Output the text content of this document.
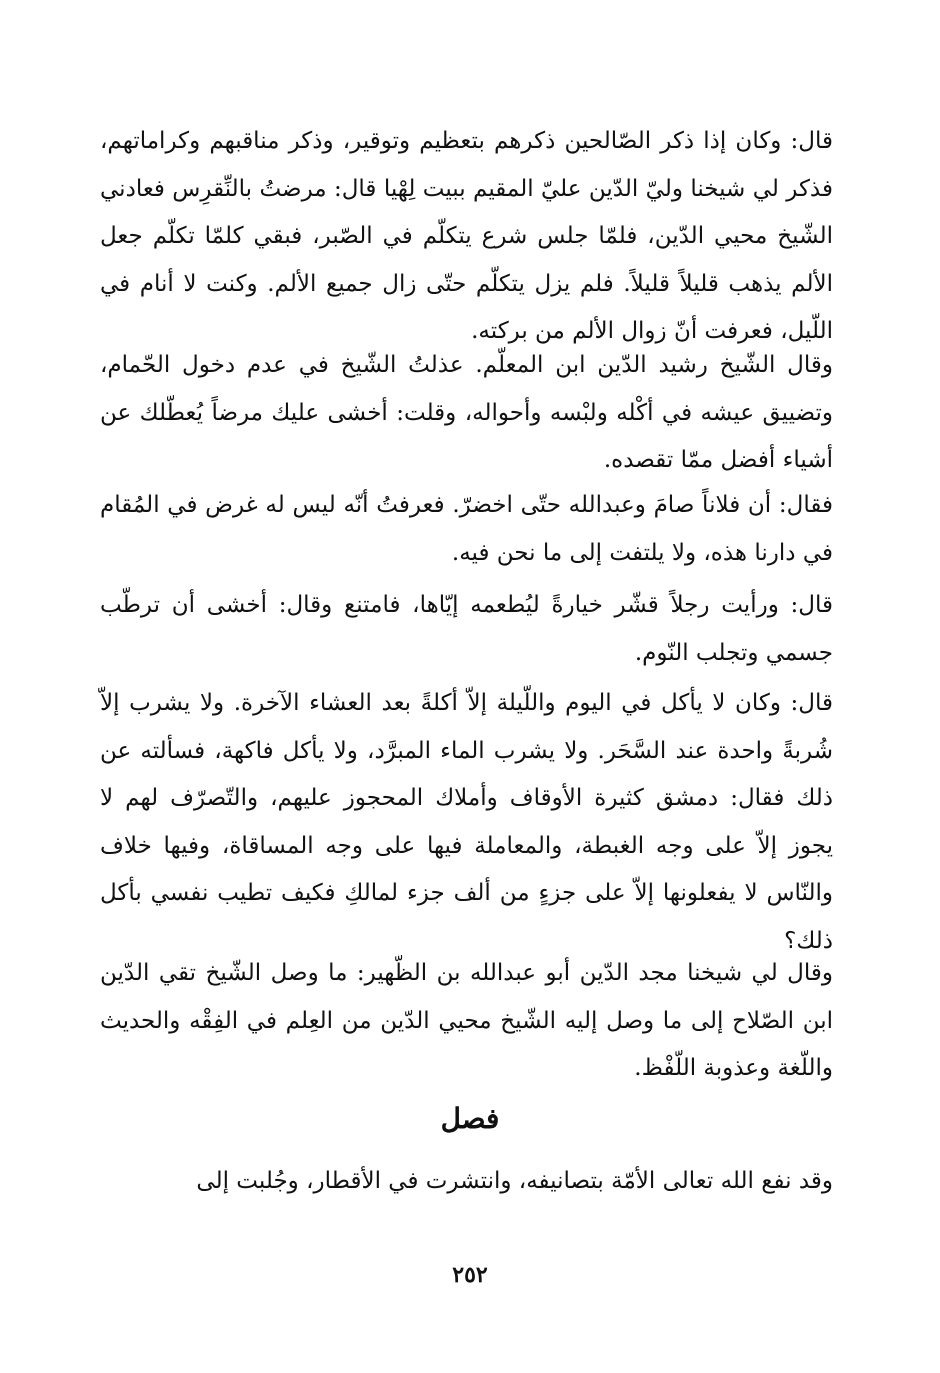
قال: وكان إذا ذكر الصّالحين ذكرهم بتعظيم وتوقير، وذكر مناقبهم وكراماتهم، فذكر لي شيخنا وليّ الدّين عليّ المقيم ببيت لِهْيا قال: مرضتُ بالنِّقرِس فعادني الشّيخ محيي الدّين، فلمّا جلس شرع يتكلّم في الصّبر، فبقي كلمّا تكلّم جعل الألم يذهب قليلاً قليلاً. فلم يزل يتكلّم حتّى زال جميع الألم. وكنت لا أنام في اللّيل، فعرفت أنّ زوال الألم من بركته.

وقال الشّيخ رشيد الدّين ابن المعلّم. عذلتُ الشّيخ في عدم دخول الحّمام، وتضييق عيشه في أكْله ولبْسه وأحواله، وقلت: أخشى عليك مرضاً يُعطّلك عن أشياء أفضل ممّا تقصده.

فقال: أن فلاناً صامَ وعبدالله حتّى اخضرّ. فعرفتُ أنّه ليس له غرض في المُقام في دارنا هذه، ولا يلتفت إلى ما نحن فيه.

قال: ورأيت رجلاً قشّر خيارةً ليُطعمه إيّاها، فامتنع وقال: أخشى أن ترطّب جسمي وتجلب النّوم.

قال: وكان لا يأكل في اليوم واللّيلة إلاّ أكلةً بعد العشاء الآخرة. ولا يشرب إلاّ شُربةً واحدة عند السَّحَر. ولا يشرب الماء المبرَّد، ولا يأكل فاكهة، فسألته عن ذلك فقال: دمشق كثيرة الأوقاف وأملاك المحجوز عليهم، والتّصرّف لهم لا يجوز إلاّ على وجه الغبطة، والمعاملة فيها على وجه المساقاة، وفيها خلاف والنّاس لا يفعلونها إلاّ على جزءٍ من ألف جزء لمالكِ فكيف تطيب نفسي بأكل ذلك؟

وقال لي شيخنا مجد الدّين أبو عبدالله بن الظّهير: ما وصل الشّيخ تقي الدّين ابن الصّلاح إلى ما وصل إليه الشّيخ محيي الدّين من العِلم في الفِقْه والحديث واللّغة وعذوبة اللّفْظ.

فصل

وقد نفع الله تعالى الأمّة بتصانيفه، وانتشرت في الأقطار، وجُلبت إلى

٢٥٢
